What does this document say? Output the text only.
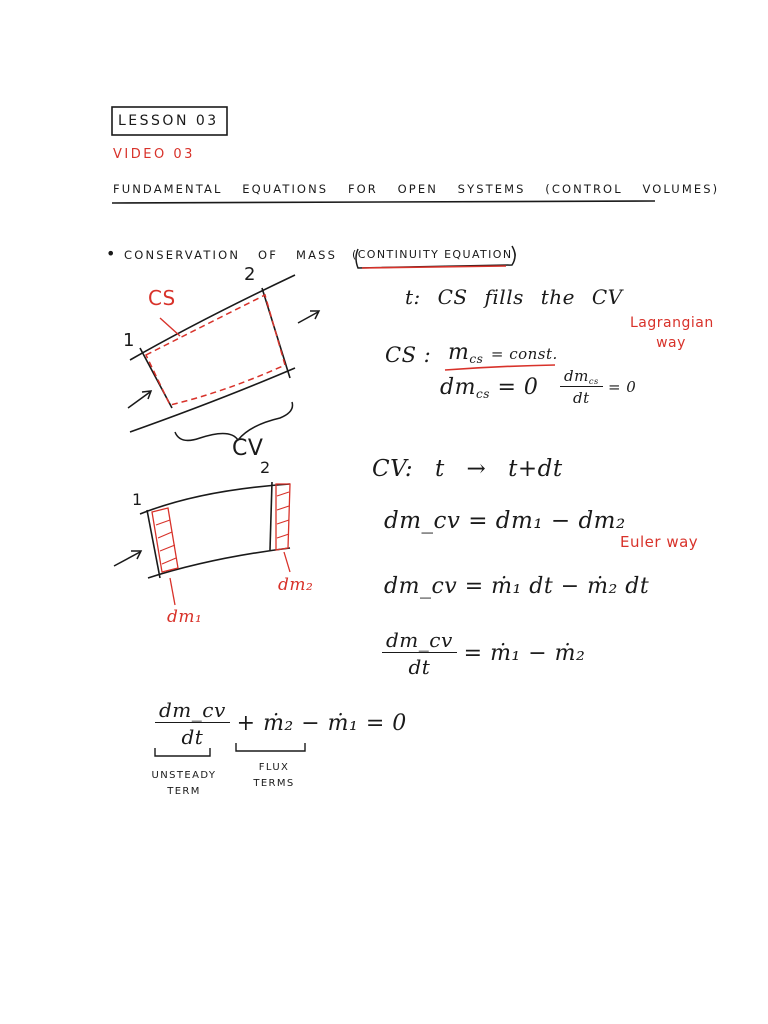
LESSON 03
VIDEO 03
FUNDAMENTAL EQUATIONS FOR OPEN SYSTEMS (CONTROL VOLUMES)
• CONSERVATION OF MASS (CONTINUITY EQUATION)
CS
2
1
CV
2
1
dm₂
dm₁
t: CS fills the CV
Lagrangian way
CS : $m_{cs}$ = const.
$dm_{cs} = 0 \frac{dm_{cs}}{dt} = 0$
CV: t → t+dt
dm_cv = dm₁ − dm₂
Euler way
dm_cv = ṁ₁ dt − ṁ₂ dt
$\frac{dm\_cv}{dt}$ = ṁ₁ − ṁ₂
$\frac{dm\_cv}{dt}$ + ṁ₂ − ṁ₁ = 0
UNSTEADY TERM
FLUX TERMS
